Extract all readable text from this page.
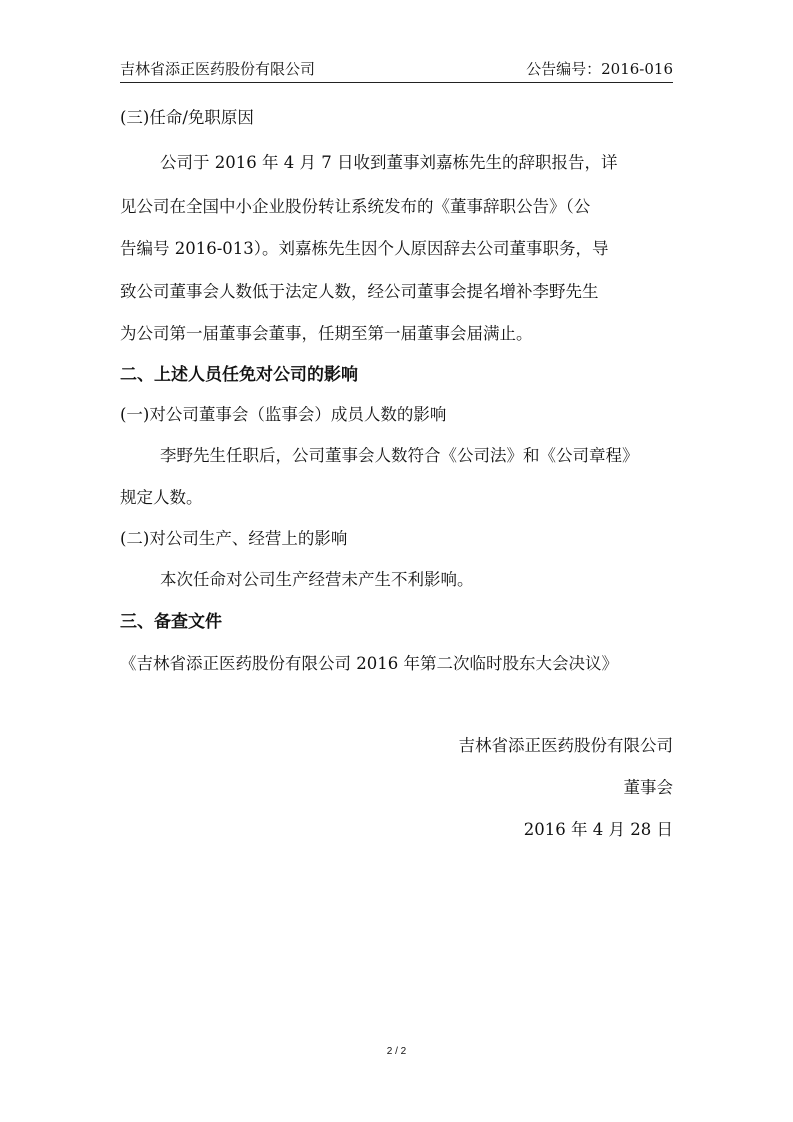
吉林省添正医药股份有限公司	公告编号：2016-016
(三)任命/免职原因
公司于 2016 年 4 月 7 日收到董事刘嘉栋先生的辞职报告，详
见公司在全国中小企业股份转让系统发布的《董事辞职公告》（公
告编号 2016-013）。刘嘉栋先生因个人原因辞去公司董事职务，导
致公司董事会人数低于法定人数，经公司董事会提名增补李野先生
为公司第一届董事会董事，任期至第一届董事会届满止。
二、上述人员任免对公司的影响
(一)对公司董事会（监事会）成员人数的影响
李野先生任职后，公司董事会人数符合《公司法》和《公司章程》
规定人数。
(二)对公司生产、经营上的影响
本次任命对公司生产经营未产生不利影响。
三、备查文件
《吉林省添正医药股份有限公司 2016 年第二次临时股东大会决议》
吉林省添正医药股份有限公司
董事会
2016 年 4 月 28 日
2 / 2
